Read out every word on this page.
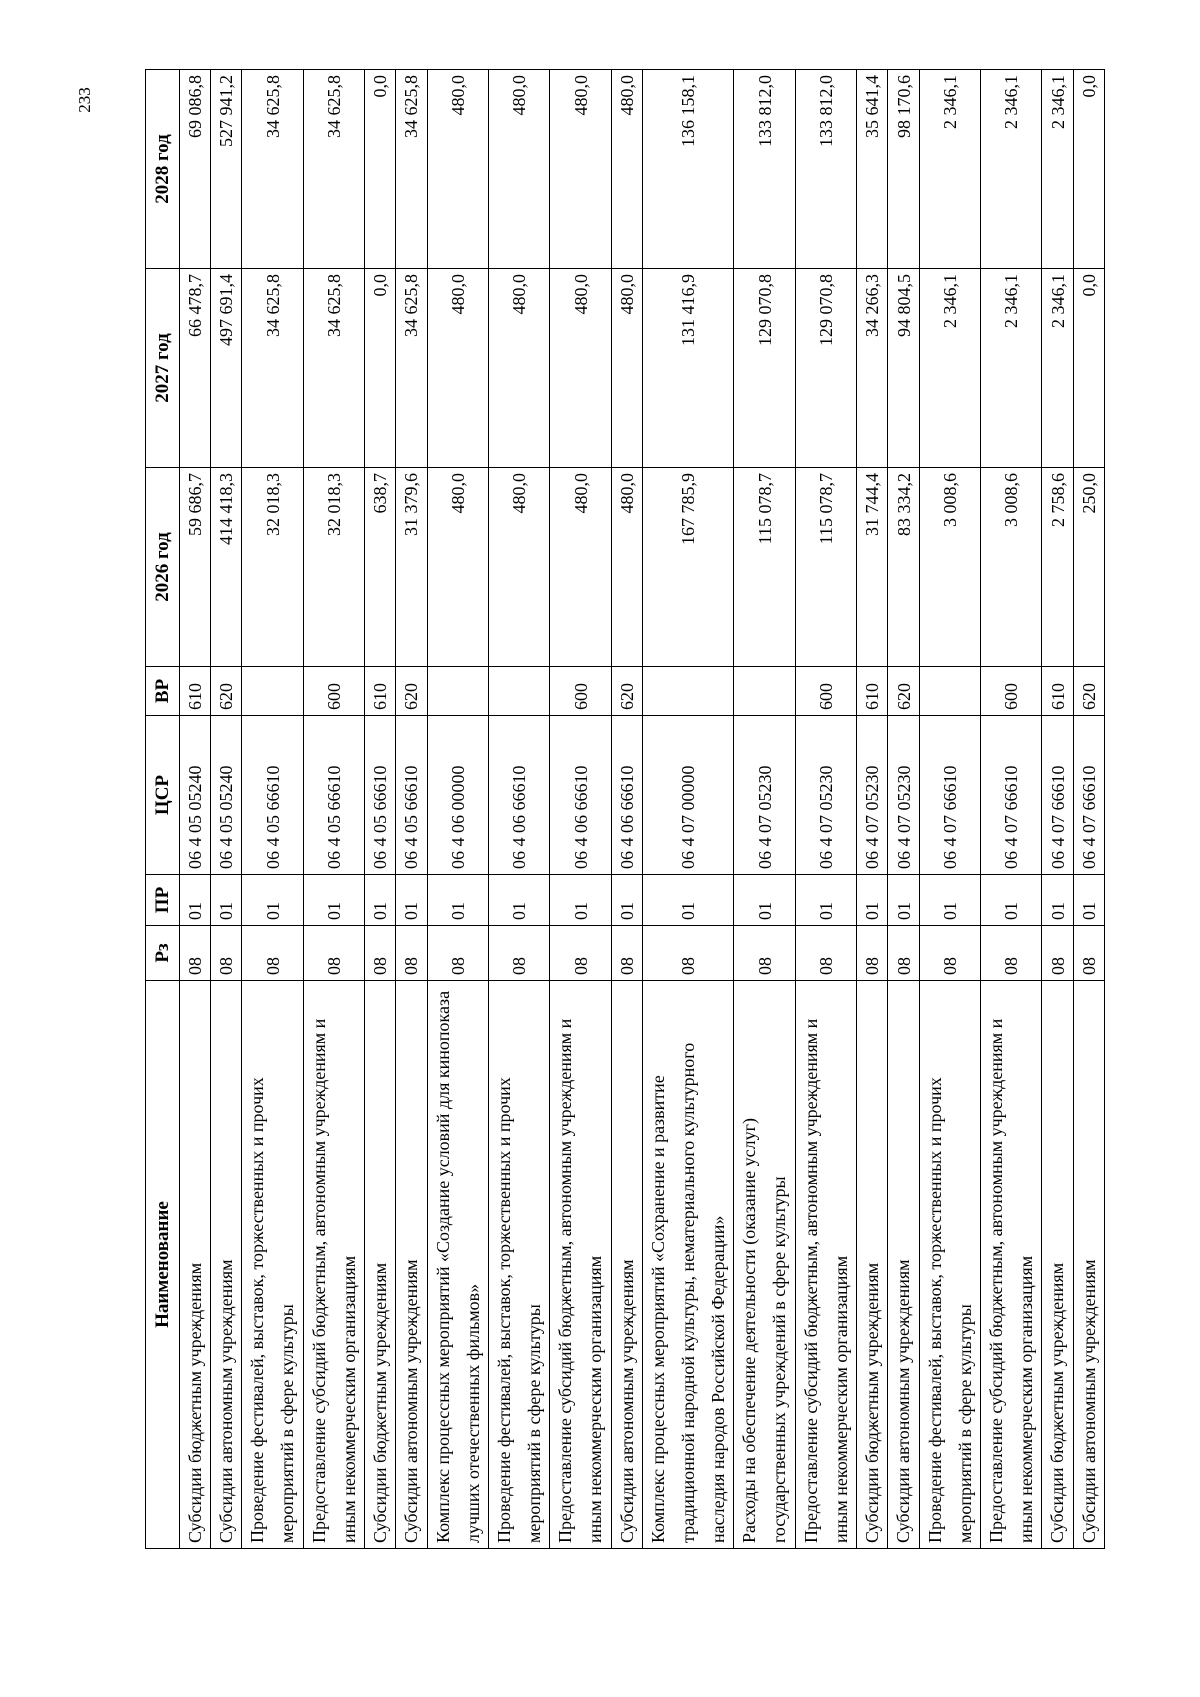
233
Наименование	Рз	ПР	ЦСР	ВР	2026 год	2027 год	2028 год
Субсидии бюджетным учреждениям	08	01	06 4 05 05240	610	59 686,7	66 478,7	69 086,8
Субсидии автономным учреждениям	08	01	06 4 05 05240	620	414 418,3	497 691,4	527 941,2
Проведение фестивалей, выставок, торжественных и прочих мероприятий в сфере культуры	08	01	06 4 05 66610		32 018,3	34 625,8	34 625,8
Предоставление субсидий бюджетным, автономным учреждениям и иным некоммерческим организациям	08	01	06 4 05 66610	600	32 018,3	34 625,8	34 625,8
Субсидии бюджетным учреждениям	08	01	06 4 05 66610	610	638,7	0,0	0,0
Субсидии автономным учреждениям	08	01	06 4 05 66610	620	31 379,6	34 625,8	34 625,8
Комплекс процессных мероприятий «Создание условий для кинопоказа лучших отечественных фильмов»	08	01	06 4 06 00000		480,0	480,0	480,0
Проведение фестивалей, выставок, торжественных и прочих мероприятий в сфере культуры	08	01	06 4 06 66610		480,0	480,0	480,0
Предоставление субсидий бюджетным, автономным учреждениям и иным некоммерческим организациям	08	01	06 4 06 66610	600	480,0	480,0	480,0
Субсидии автономным учреждениям	08	01	06 4 06 66610	620	480,0	480,0	480,0
Комплекс процессных мероприятий «Сохранение и развитие традиционной народной культуры, нематериального культурного наследия народов Российской Федерации»	08	01	06 4 07 00000		167 785,9	131 416,9	136 158,1
Расходы на обеспечение деятельности (оказание услуг) государственных учреждений в сфере культуры	08	01	06 4 07 05230		115 078,7	129 070,8	133 812,0
Предоставление субсидий бюджетным, автономным учреждениям и иным некоммерческим организациям	08	01	06 4 07 05230	600	115 078,7	129 070,8	133 812,0
Субсидии бюджетным учреждениям	08	01	06 4 07 05230	610	31 744,4	34 266,3	35 641,4
Субсидии автономным учреждениям	08	01	06 4 07 05230	620	83 334,2	94 804,5	98 170,6
Проведение фестивалей, выставок, торжественных и прочих мероприятий в сфере культуры	08	01	06 4 07 66610		3 008,6	2 346,1	2 346,1
Предоставление субсидий бюджетным, автономным учреждениям и иным некоммерческим организациям	08	01	06 4 07 66610	600	3 008,6	2 346,1	2 346,1
Субсидии бюджетным учреждениям	08	01	06 4 07 66610	610	2 758,6	2 346,1	2 346,1
Субсидии автономным учреждениям	08	01	06 4 07 66610	620	250,0	0,0	0,0
